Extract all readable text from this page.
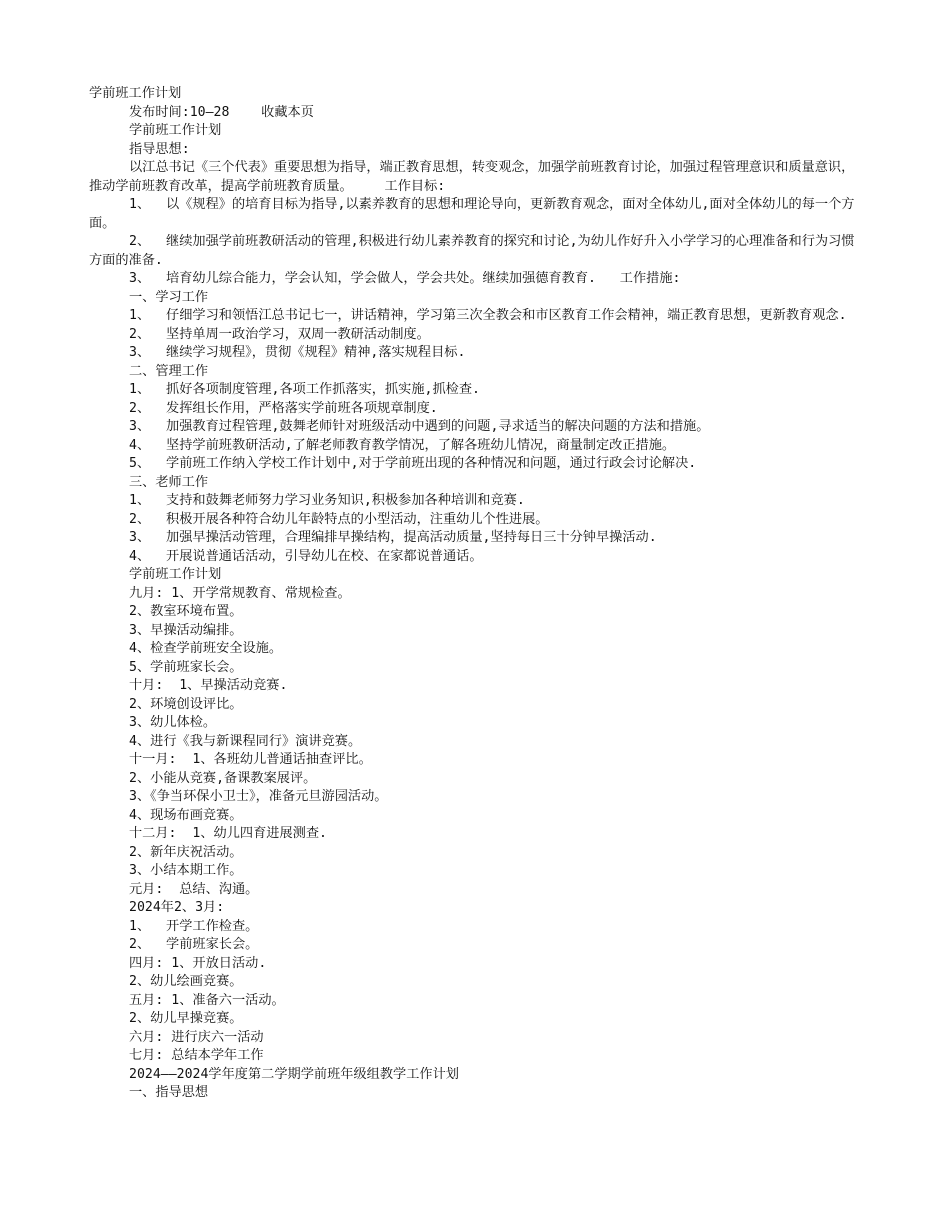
学前班工作计划

发布时间:10—28    收藏本页

学前班工作计划

指导思想:

以江总书记《三个代表》重要思想为指导，端正教育思想，转变观念，加强学前班教育讨论，加强过程管理意识和质量意识，推动学前班教育改革，提高学前班教育质量。    工作目标:

1、  以《规程》的培育目标为指导,以素养教育的思想和理论导向，更新教育观念，面对全体幼儿,面对全体幼儿的每一个方面。

2、  继续加强学前班教研活动的管理,积极进行幼儿素养教育的探究和讨论,为幼儿作好升入小学学习的心理准备和行为习惯方面的准备.

3、  培育幼儿综合能力，学会认知，学会做人，学会共处。继续加强德育教育.   工作措施:

一、学习工作

1、  仔细学习和领悟江总书记七一，讲话精神，学习第三次全教会和市区教育工作会精神，端正教育思想，更新教育观念.

2、  坚持单周一政治学习，双周一教研活动制度。

3、  继续学习规程》，贯彻《规程》精神,落实规程目标.

二、管理工作

1、  抓好各项制度管理,各项工作抓落实，抓实施,抓检查.

2、  发挥组长作用，严格落实学前班各项规章制度.

3、  加强教育过程管理,鼓舞老师针对班级活动中遇到的问题,寻求适当的解决问题的方法和措施。

4、  坚持学前班教研活动,了解老师教育教学情况，了解各班幼儿情况，商量制定改正措施。

5、  学前班工作纳入学校工作计划中,对于学前班出现的各种情况和问题，通过行政会讨论解决.

三、老师工作

1、  支持和鼓舞老师努力学习业务知识,积极参加各种培训和竞赛.

2、  积极开展各种符合幼儿年龄特点的小型活动，注重幼儿个性进展。

3、  加强早操活动管理，合理编排早操结构，提高活动质量,坚持每日三十分钟早操活动.

4、  开展说普通话活动，引导幼儿在校、在家都说普通话。

学前班工作计划

九月: 1、开学常规教育、常规检查。

2、教室环境布置。

3、早操活动编排。

4、检查学前班安全设施。

5、学前班家长会。

十月:  1、早操活动竞赛.

2、环境创设评比。

3、幼儿体检。

4、进行《我与新课程同行》演讲竞赛。

十一月:  1、各班幼儿普通话抽查评比。

2、小能从竞赛,备课教案展评。

3、《争当环保小卫士》，准备元旦游园活动。

4、现场布画竞赛。

十二月:  1、幼儿四育进展测查.

2、新年庆祝活动。

3、小结本期工作。

元月:  总结、沟通。

2024年2、3月:

1、  开学工作检查。

2、  学前班家长会。

四月: 1、开放日活动.

2、幼儿绘画竞赛。

五月: 1、准备六一活动。

2、幼儿早操竞赛。

六月: 进行庆六一活动

七月: 总结本学年工作

2024——2024学年度第二学期学前班年级组教学工作计划

一、指导思想
